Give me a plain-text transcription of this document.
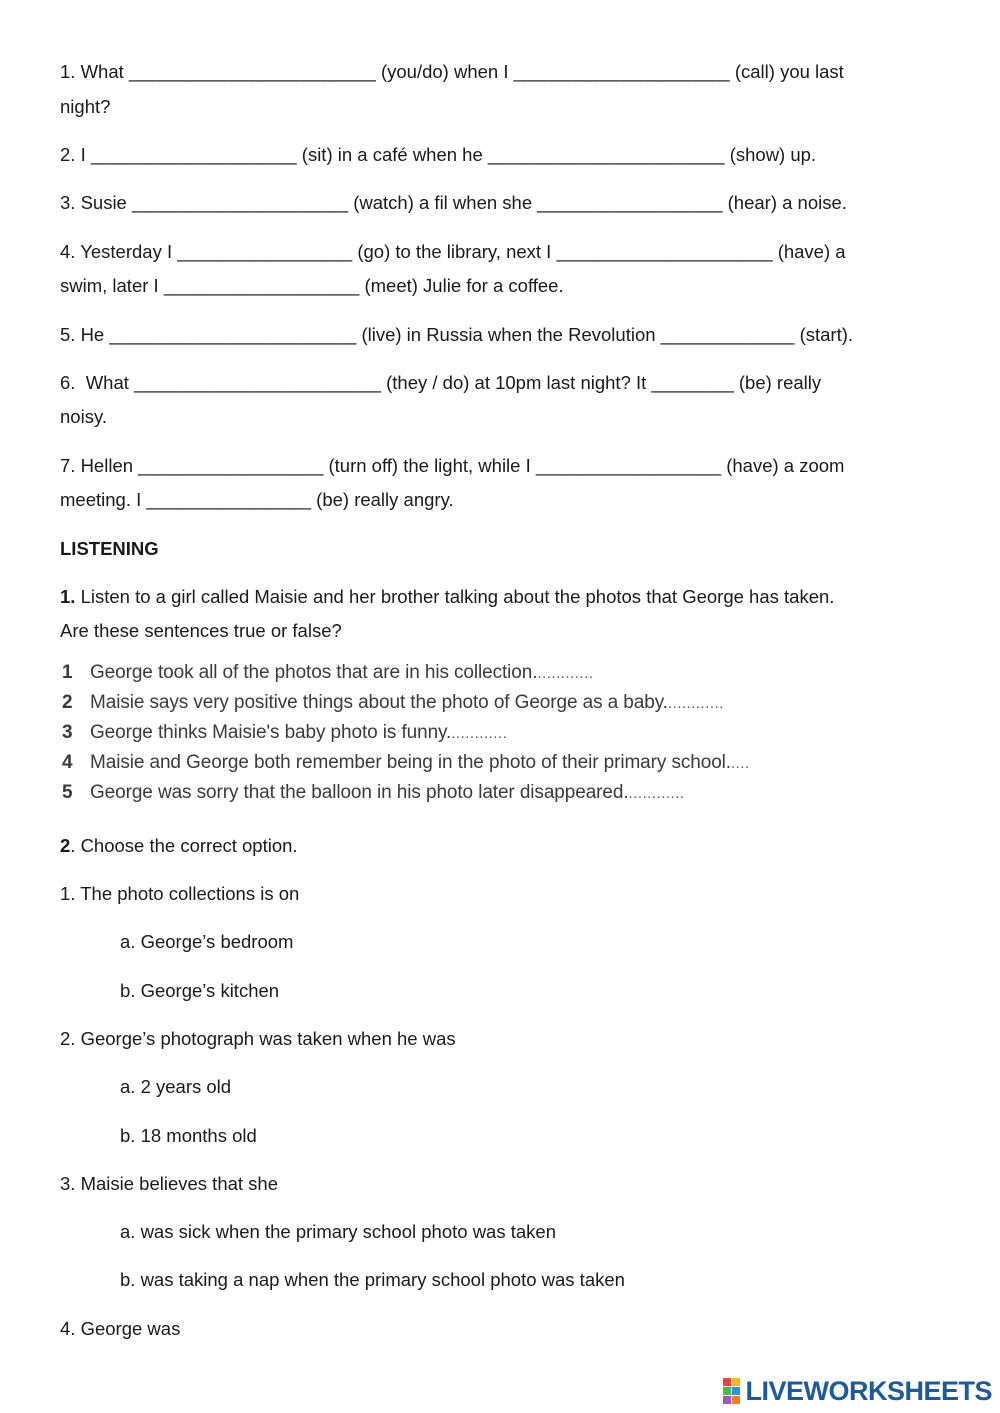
1. What ________________________ (you/do) when I _____________________ (call) you last
night?
2. I ____________________ (sit) in a café when he _______________________ (show) up.
3. Susie _____________________ (watch) a fil when she __________________ (hear) a noise.
4. Yesterday I _________________ (go) to the library, next I _____________________ (have) a
swim, later I ___________________ (meet) Julie for a coffee.
5. He ________________________ (live) in Russia when the Revolution _____________ (start).
6.  What ________________________ (they / do) at 10pm last night? It ________ (be) really
noisy.
7. Hellen __________________ (turn off) the light, while I __________________ (have) a zoom
meeting. I ________________ (be) really angry.
LISTENING
1. Listen to a girl called Maisie and her brother talking about the photos that George has taken.
Are these sentences true or false?
1 George took all of the photos that are in his collection.............
2 Maisie says very positive things about the photo of George as a baby.............
3 George thinks Maisie's baby photo is funny.............
4 Maisie and George both remember being in the photo of their primary school.....
5 George was sorry that the balloon in his photo later disappeared.............
2. Choose the correct option.
1. The photo collections is on
a. George’s bedroom
b. George’s kitchen
2. George’s photograph was taken when he was
a. 2 years old
b. 18 months old
3. Maisie believes that she
a. was sick when the primary school photo was taken
b. was taking a nap when the primary school photo was taken
4. George was
LIVEWORKSHEETS
